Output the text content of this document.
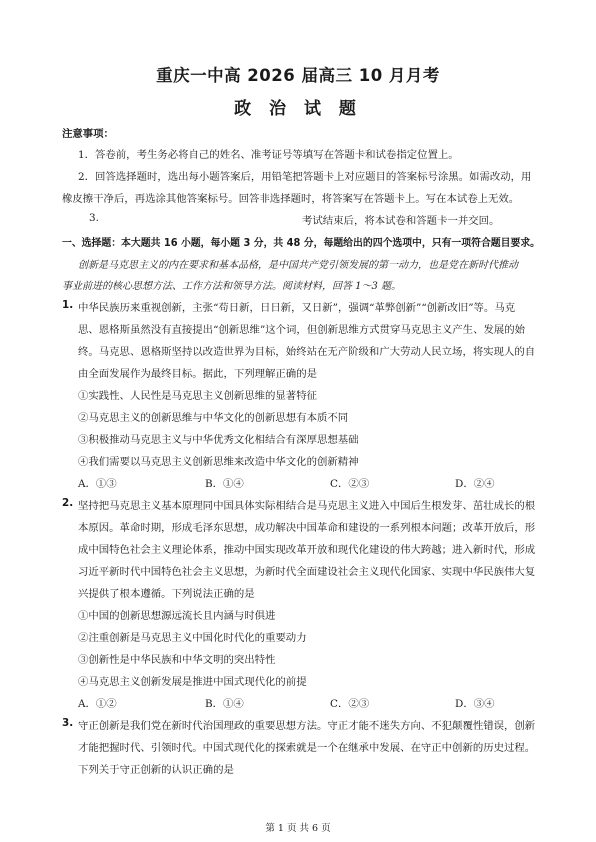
重庆一中高 2026 届高三 10 月月考
政 治 试 题
注意事项：
1．答卷前，考生务必将自己的姓名、准考证号等填写在答题卡和试卷指定位置上。
2．回答选择题时，选出每小题答案后，用铅笔把答题卡上对应题目的答案标号涂黑。如需改动，用
橡皮擦干净后，再选涂其他答案标号。回答非选择题时，将答案写在答题卡上。写在本试卷上无效。
3.	考试结束后，将本试卷和答题卡一并交回。
一、选择题：本大题共 16 小题，每小题 3 分，共 48 分，每题给出的四个选项中，只有一项符合题目要求。
创新是马克思主义的内在要求和基本品格，是中国共产党引领发展的第一动力，也是党在新时代推动
事业前进的核心思想方法、工作方法和领导方法。阅读材料，回答 1～3 题。
1. 中华民族历来重视创新，主张“苟日新，日日新，又日新”，强调“革弊创新”“创新改旧”等。马克
思、恩格斯虽然没有直接提出“创新思维”这个词，但创新思维方式贯穿马克思主义产生、发展的始
终。马克思、恩格斯坚持以改造世界为目标，始终站在无产阶级和广大劳动人民立场，将实现人的自
由全面发展作为最终目标。据此，下列理解正确的是
①实践性、人民性是马克思主义创新思维的显著特征
②马克思主义的创新思维与中华文化的创新思想有本质不同
③积极推动马克思主义与中华优秀文化相结合有深厚思想基础
④我们需要以马克思主义创新思维来改造中华文化的创新精神
A．①③	B．①④	C．②③	D．②④
2. 坚持把马克思主义基本原理同中国具体实际相结合是马克思主义进入中国后生根发芽、茁壮成长的根
本原因。革命时期，形成毛泽东思想，成功解决中国革命和建设的一系列根本问题；改革开放后，形
成中国特色社会主义理论体系，推动中国实现改革开放和现代化建设的伟大跨越；进入新时代，形成
习近平新时代中国特色社会主义思想，为新时代全面建设社会主义现代化国家、实现中华民族伟大复
兴提供了根本遵循。下列说法正确的是
①中国的创新思想源远流长且内涵与时俱进
②注重创新是马克思主义中国化时代化的重要动力
③创新性是中华民族和中华文明的突出特性
④马克思主义创新发展是推进中国式现代化的前提
A．①②	B．①④	C．②③	D．③④
3. 守正创新是我们党在新时代治国理政的重要思想方法。守正才能不迷失方向、不犯颠覆性错误，创新
才能把握时代、引领时代。中国式现代化的探索就是一个在继承中发展、在守正中创新的历史过程。
下列关于守正创新的认识正确的是
第 1 页 共 6 页
